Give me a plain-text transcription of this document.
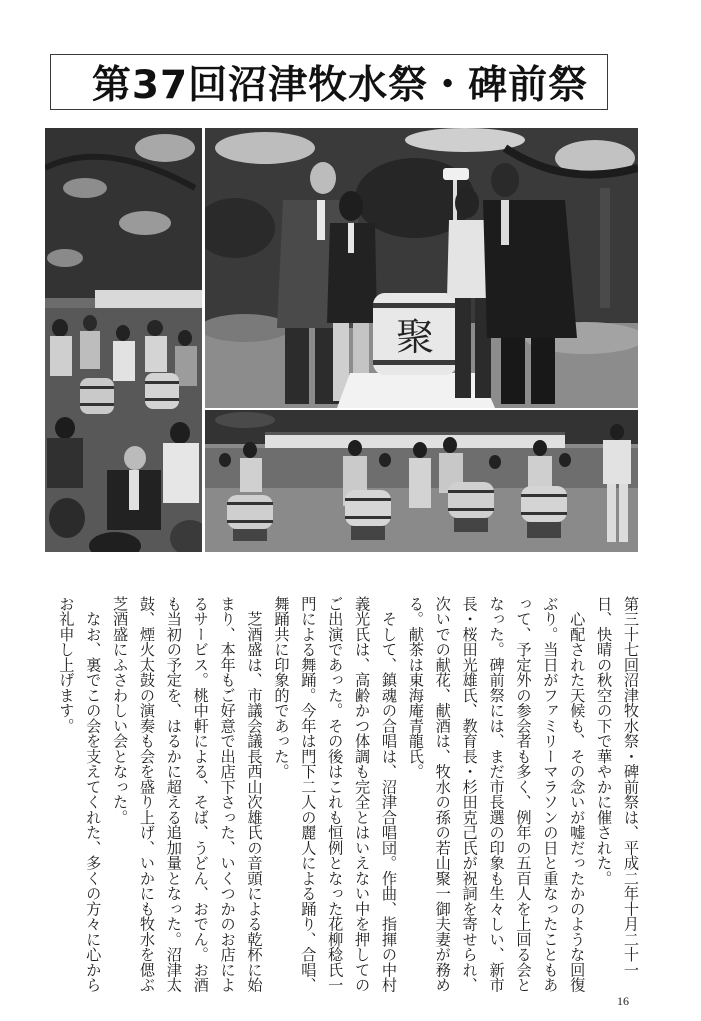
第37回沼津牧水祭・碑前祭
聚
第三十七回沼津牧水祭・碑前祭は、平成二年十月二十一
日、快晴の秋空の下で華やかに催された。
　心配された天候も、その念いが嘘だったかのような回復
ぶり。当日がファミリーマラソンの日と重なったこともあ
って、予定外の参会者も多く、例年の五百人を上回る会と
なった。碑前祭には、まだ市長選の印象も生々しい、新市
長・桜田光雄氏、教育長・杉田克己氏が祝詞を寄せられ、
次いでの献花、献酒は、牧水の孫の若山聚一御夫妻が務め
る。献茶は東海庵青龍氏。
　そして、鎮魂の合唱は、沼津合唱団。作曲、指揮の中村
義光氏は、高齢かつ体調も完全とはいえない中を押しての
ご出演であった。その後はこれも恒例となった花柳稔氏一
門による舞踊。今年は門下二人の麗人による踊り、合唱、
舞踊共に印象的であった。
　芝酒盛は、市議会議長西山次雄氏の音頭による乾杯に始
まり、本年もご好意で出店下さった、いくつかのお店によ
るサービス。桃中軒による、そば、うどん、おでん。お酒
も当初の予定を、はるかに超える追加量となった。沼津太
鼓、煙火太鼓の演奏も会を盛り上げ、いかにも牧水を偲ぶ
芝酒盛にふさわしい会となった。
　なお、裏でこの会を支えてくれた、多くの方々に心から
お礼申し上げます。
16
